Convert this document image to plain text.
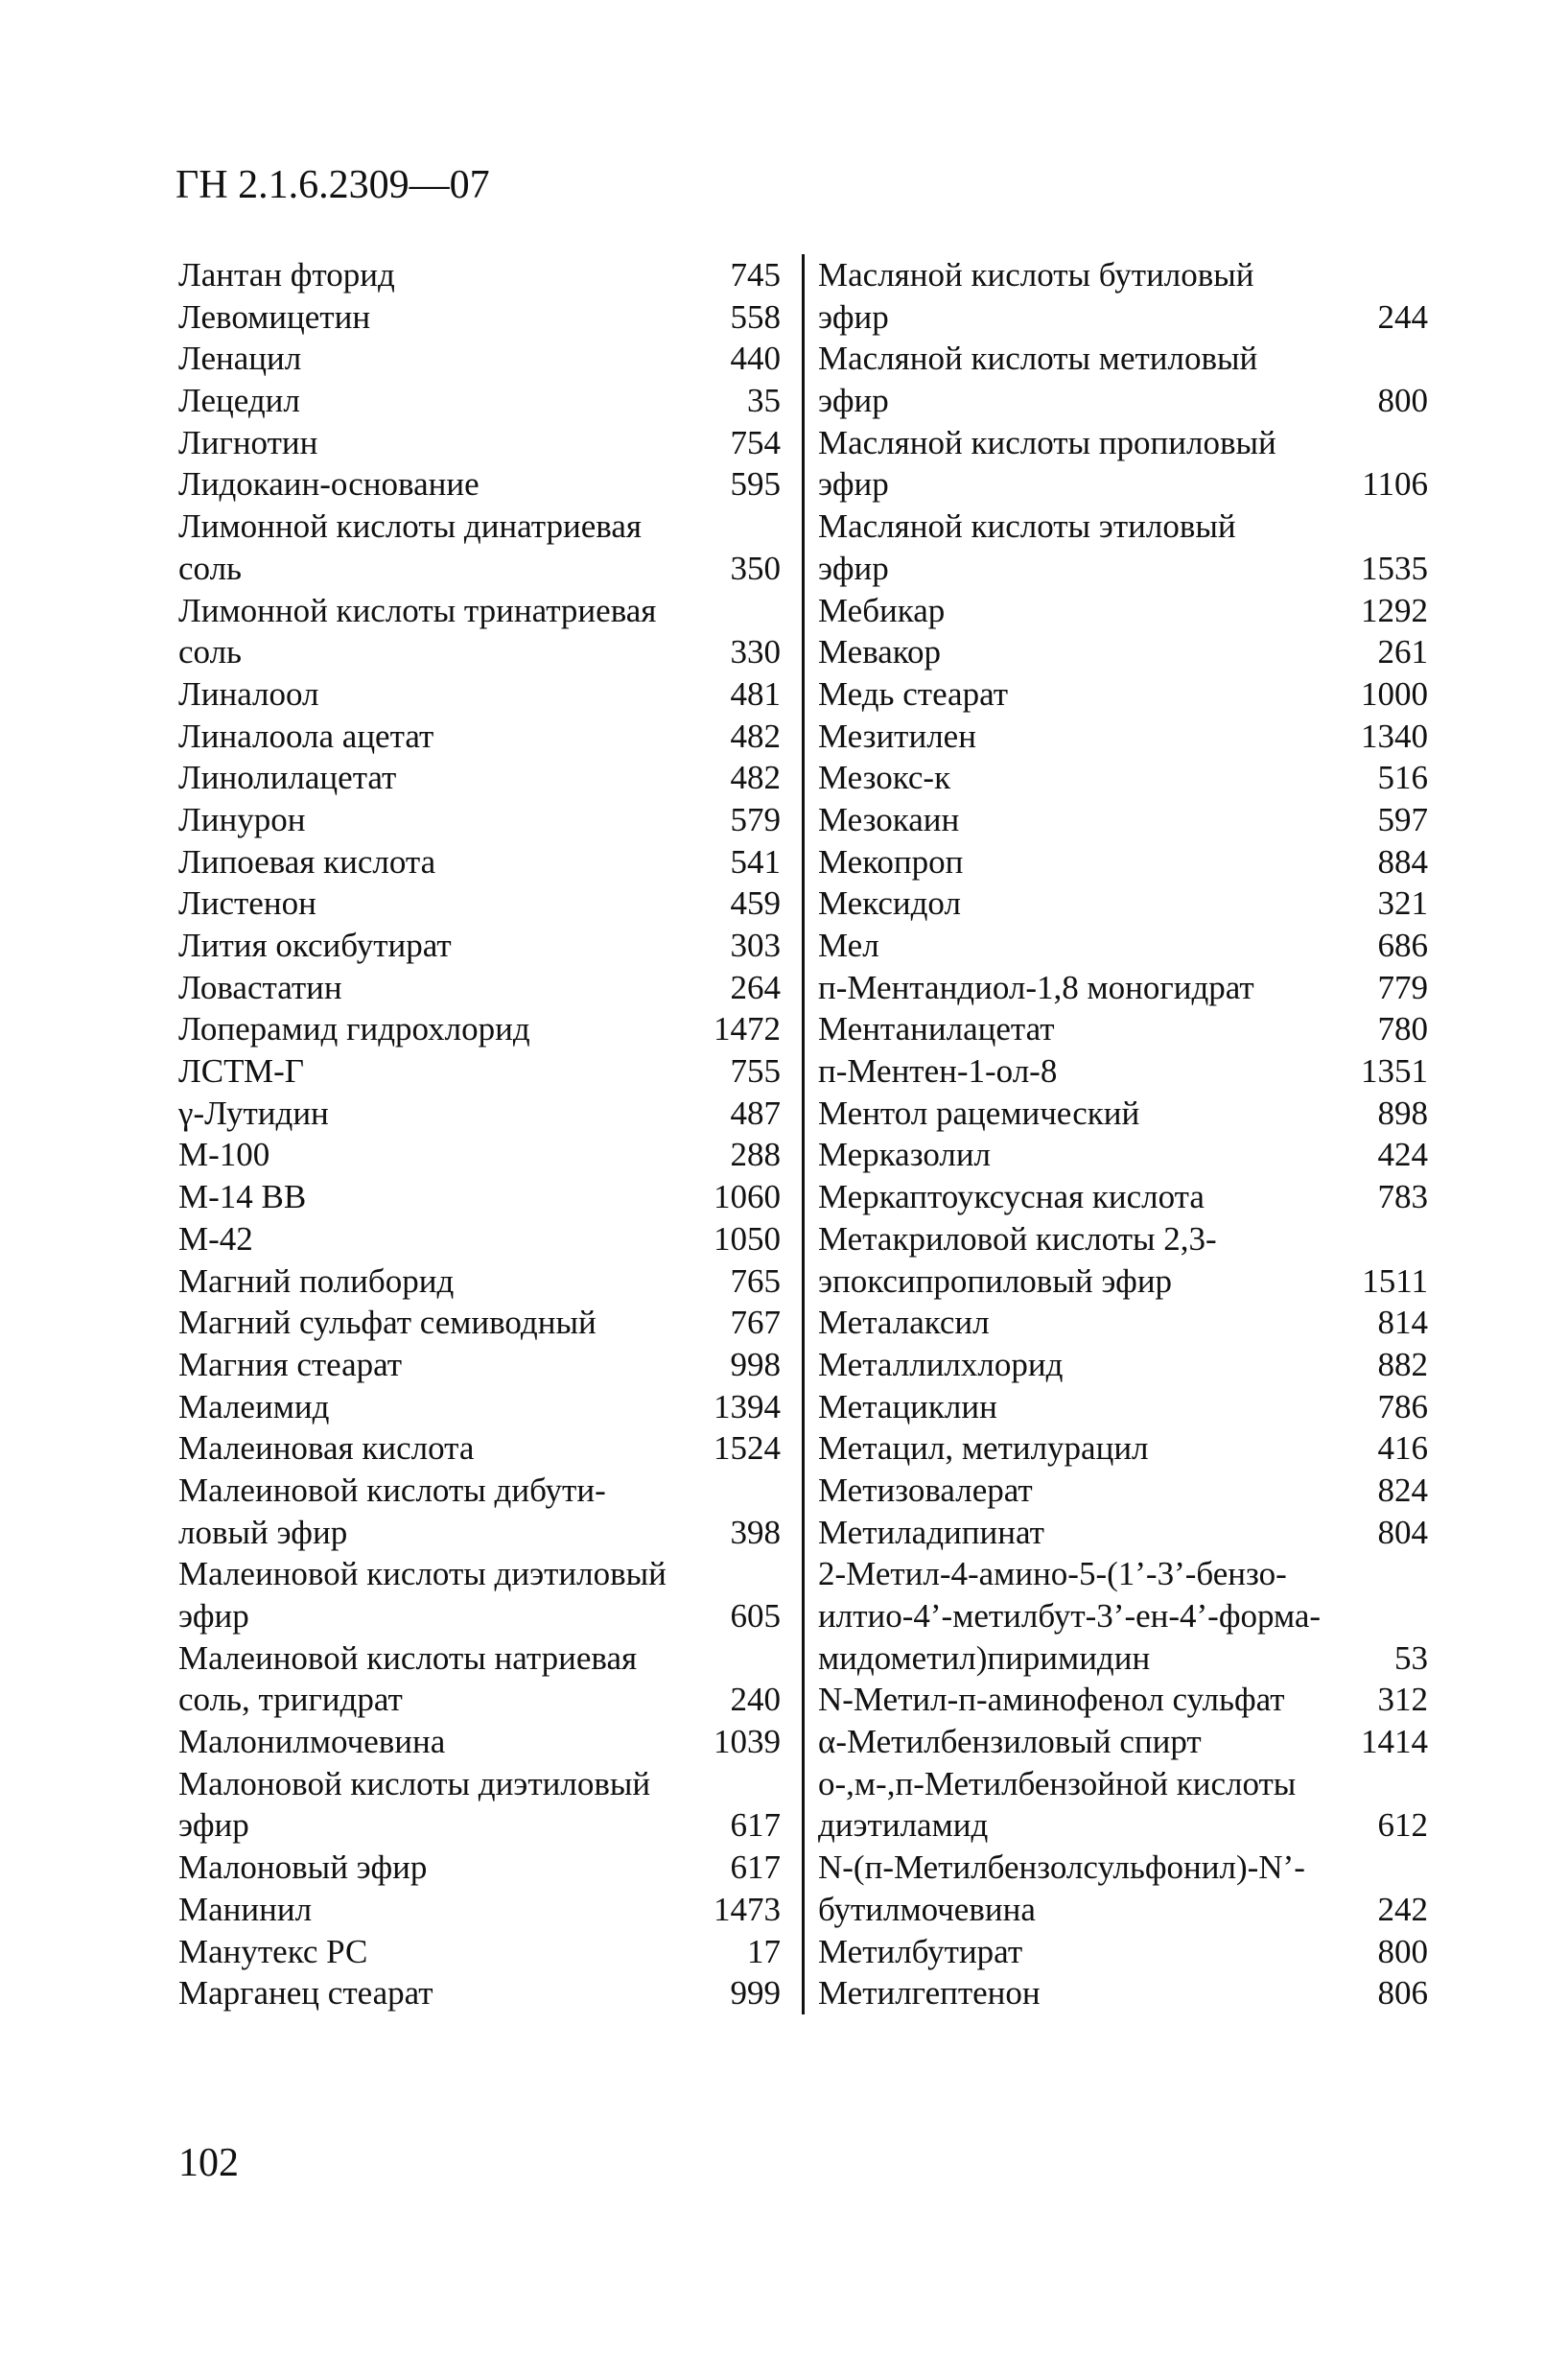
ГН 2.1.6.2309—07
Лантан фторид	745
Левомицетин	558
Ленацил	440
Лецедил	35
Лигнотин	754
Лидокаин-основание	595
Лимонной кислоты динатриевая
соль	350
Лимонной кислоты тринатриевая
соль	330
Линалоол	481
Линалоола ацетат	482
Линолилацетат	482
Линурон	579
Липоевая кислота	541
Листенон	459
Лития оксибутират	303
Ловастатин	264
Лоперамид гидрохлорид	1472
ЛСТМ-Г	755
γ-Лутидин	487
М-100	288
М-14 ВВ	1060
М-42	1050
Магний полиборид	765
Магний сульфат семиводный	767
Магния стеарат	998
Малеимид	1394
Малеиновая кислота	1524
Малеиновой кислоты дибути-
ловый эфир	398
Малеиновой кислоты диэтиловый
эфир	605
Малеиновой кислоты натриевая
соль, тригидрат	240
Малонилмочевина	1039
Малоновой кислоты диэтиловый
эфир	617
Малоновый эфир	617
Манинил	1473
Манутекс РС	17
Марганец стеарат	999
Масляной кислоты бутиловый
эфир	244
Масляной кислоты метиловый
эфир	800
Масляной кислоты пропиловый
эфир	1106
Масляной кислоты этиловый
эфир	1535
Мебикар	1292
Мевакор	261
Медь стеарат	1000
Мезитилен	1340
Мезокс-к	516
Мезокаин	597
Мекопроп	884
Мексидол	321
Мел	686
п-Ментандиол-1,8 моногидрат	779
Ментанилацетат	780
п-Ментен-1-ол-8	1351
Ментол рацемический	898
Мерказолил	424
Меркаптоуксусная кислота	783
Метакриловой кислоты 2,3-
эпоксипропиловый эфир	1511
Металаксил	814
Металлилхлорид	882
Метациклин	786
Метацил, метилурацил	416
Метизовалерат	824
Метиладипинат	804
2-Метил-4-амино-5-(1’-3’-бензо-
илтио-4’-метилбут-3’-ен-4’-форма-
мидометил)пиримидин	53
N-Метил-п-аминофенол сульфат	312
α-Метилбензиловый спирт	1414
о-,м-,п-Метилбензойной кислоты
диэтиламид	612
N-(п-Метилбензолсульфонил)-N’-
бутилмочевина	242
Метилбутират	800
Метилгептенон	806
102
